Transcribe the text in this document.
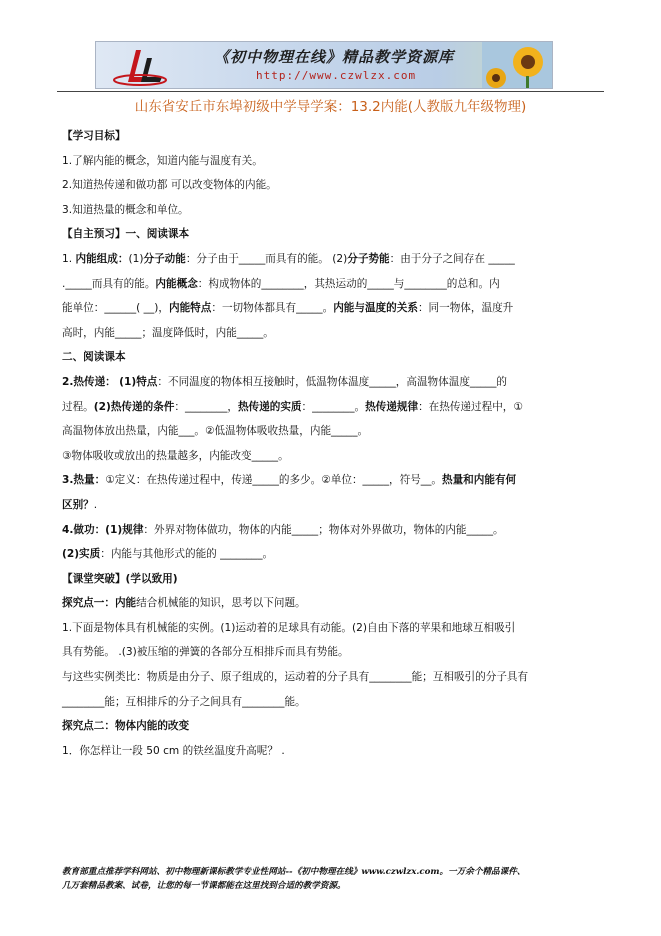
《初中物理在线》精品教学资源库
http://www.czwlzx.com
山东省安丘市东埠初级中学导学案：13.2内能(人教版九年级物理)
【学习目标】
1.了解内能的概念，知道内能与温度有关。
2.知道热传递和做功都 可以改变物体的内能。
3.知道热量的概念和单位。
【自主预习】一、阅读课本
1. 内能组成：(1)分子动能：分子由于_____而具有的能。 (2)分子势能：由于分子之间存在 _____
._____而具有的能。内能概念：构成物体的________，其热运动的_____与________的总和。内
能单位：______( __)，内能特点：一切物体都具有_____。内能与温度的关系：同一物体，温度升
高时，内能_____；温度降低时，内能_____。
二、阅读课本
2.热传递： (1)特点：不同温度的物体相互接触时，低温物体温度_____，高温物体温度_____的
过程。(2)热传递的条件：________，热传递的实质：________。热传递规律：在热传递过程中，①
高温物体放出热量，内能___。②低温物体吸收热量，内能_____。
③物体吸收或放出的热量越多，内能改变_____。
3.热量：①定义：在热传递过程中，传递_____的多少。②单位：_____，符号__。热量和内能有何
区别？.
4.做功：(1)规律：外界对物体做功，物体的内能_____；物体对外界做功，物体的内能_____。
(2)实质：内能与其他形式的能的 ________。
【课堂突破】(学以致用)
探究点一：内能结合机械能的知识，思考以下问题。
1.下面是物体具有机械能的实例。(1)运动着的足球具有动能。(2)自由下落的苹果和地球互相吸引
具有势能。 .(3)被压缩的弹簧的各部分互相排斥而具有势能。
与这些实例类比：物质是由分子、原子组成的，运动着的分子具有________能；互相吸引的分子具有
________能；互相排斥的分子之间具有________能。
探究点二：物体内能的改变
1．你怎样让一段 50 cm 的铁丝温度升高呢？ .
教育部重点推荐学科网站、初中物理新课标教学专业性网站--《初中物理在线》www.czwlzx.com。一万余个精品课件、
几万套精品教案、试卷，让您的每一节课都能在这里找到合适的教学资源。
